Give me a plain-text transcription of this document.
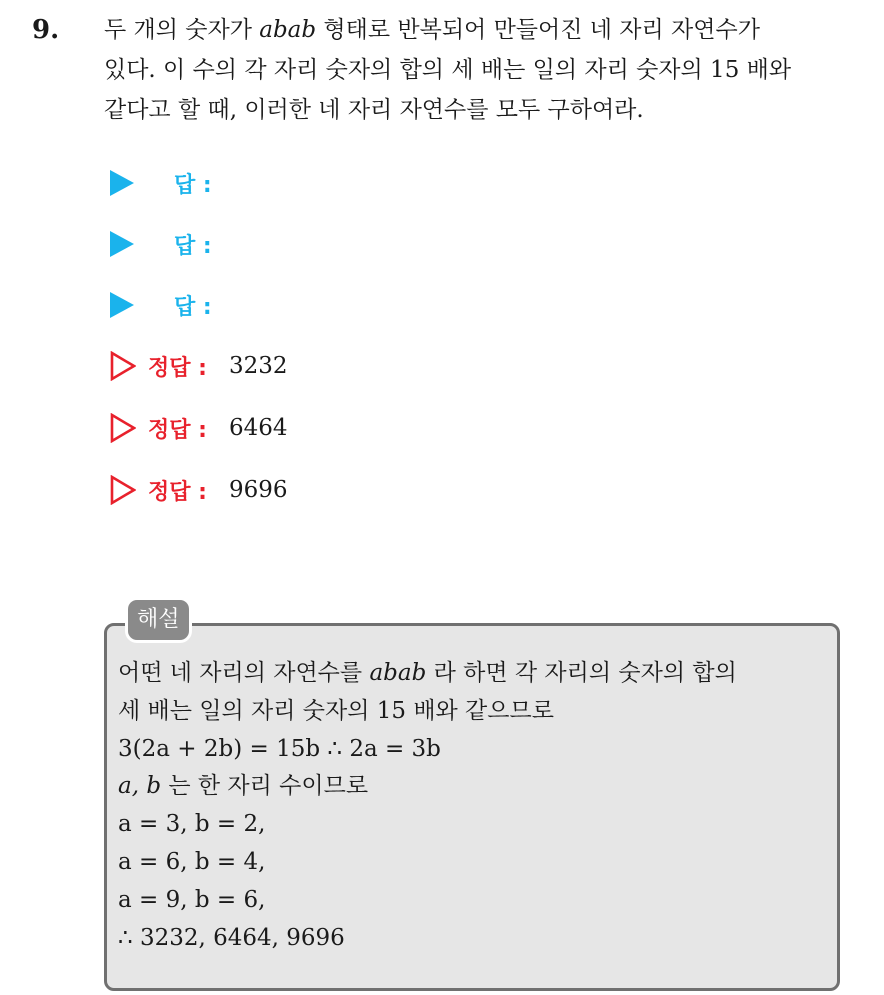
9. 두 개의 숫자가 abab 형태로 반복되어 만들어진 네 자리 자연수가
있다. 이 수의 각 자리 숫자의 합의 세 배는 일의 자리 숫자의 15 배와
같다고 할 때, 이러한 네 자리 자연수를 모두 구하여라.
답 :
답 :
답 :
정답 : 3232
정답 : 6464
정답 : 9696
해설
어떤 네 자리의 자연수를 abab 라 하면 각 자리의 숫자의 합의
세 배는 일의 자리 숫자의 15 배와 같으므로
3(2a + 2b) = 15b ∴ 2a = 3b
a, b 는 한 자리 수이므로
a = 3, b = 2,
a = 6, b = 4,
a = 9, b = 6,
∴ 3232, 6464, 9696
